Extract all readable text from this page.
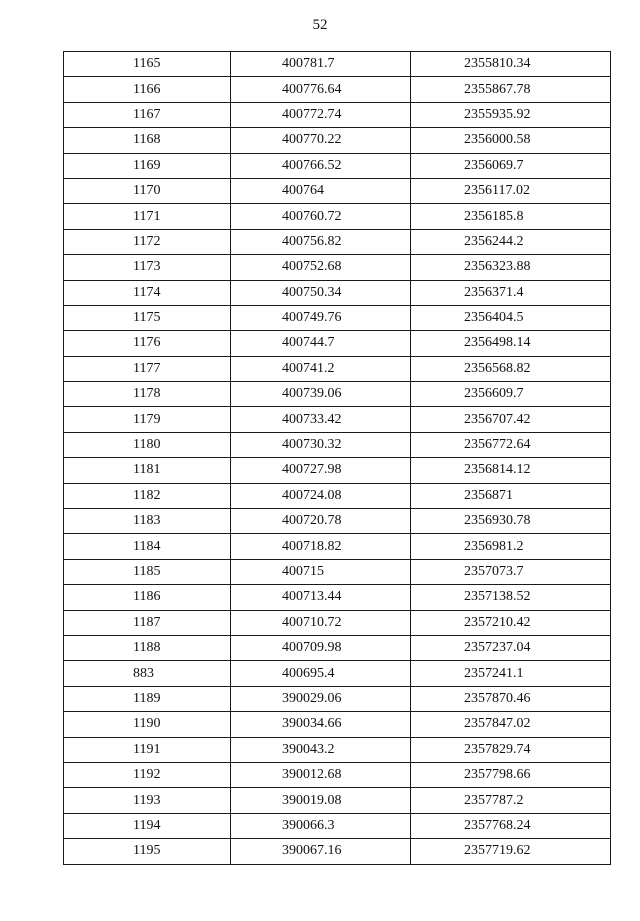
52
1165	400781.7	2355810.34
1166	400776.64	2355867.78
1167	400772.74	2355935.92
1168	400770.22	2356000.58
1169	400766.52	2356069.7
1170	400764	2356117.02
1171	400760.72	2356185.8
1172	400756.82	2356244.2
1173	400752.68	2356323.88
1174	400750.34	2356371.4
1175	400749.76	2356404.5
1176	400744.7	2356498.14
1177	400741.2	2356568.82
1178	400739.06	2356609.7
1179	400733.42	2356707.42
1180	400730.32	2356772.64
1181	400727.98	2356814.12
1182	400724.08	2356871
1183	400720.78	2356930.78
1184	400718.82	2356981.2
1185	400715	2357073.7
1186	400713.44	2357138.52
1187	400710.72	2357210.42
1188	400709.98	2357237.04
883	400695.4	2357241.1
1189	390029.06	2357870.46
1190	390034.66	2357847.02
1191	390043.2	2357829.74
1192	390012.68	2357798.66
1193	390019.08	2357787.2
1194	390066.3	2357768.24
1195	390067.16	2357719.62
